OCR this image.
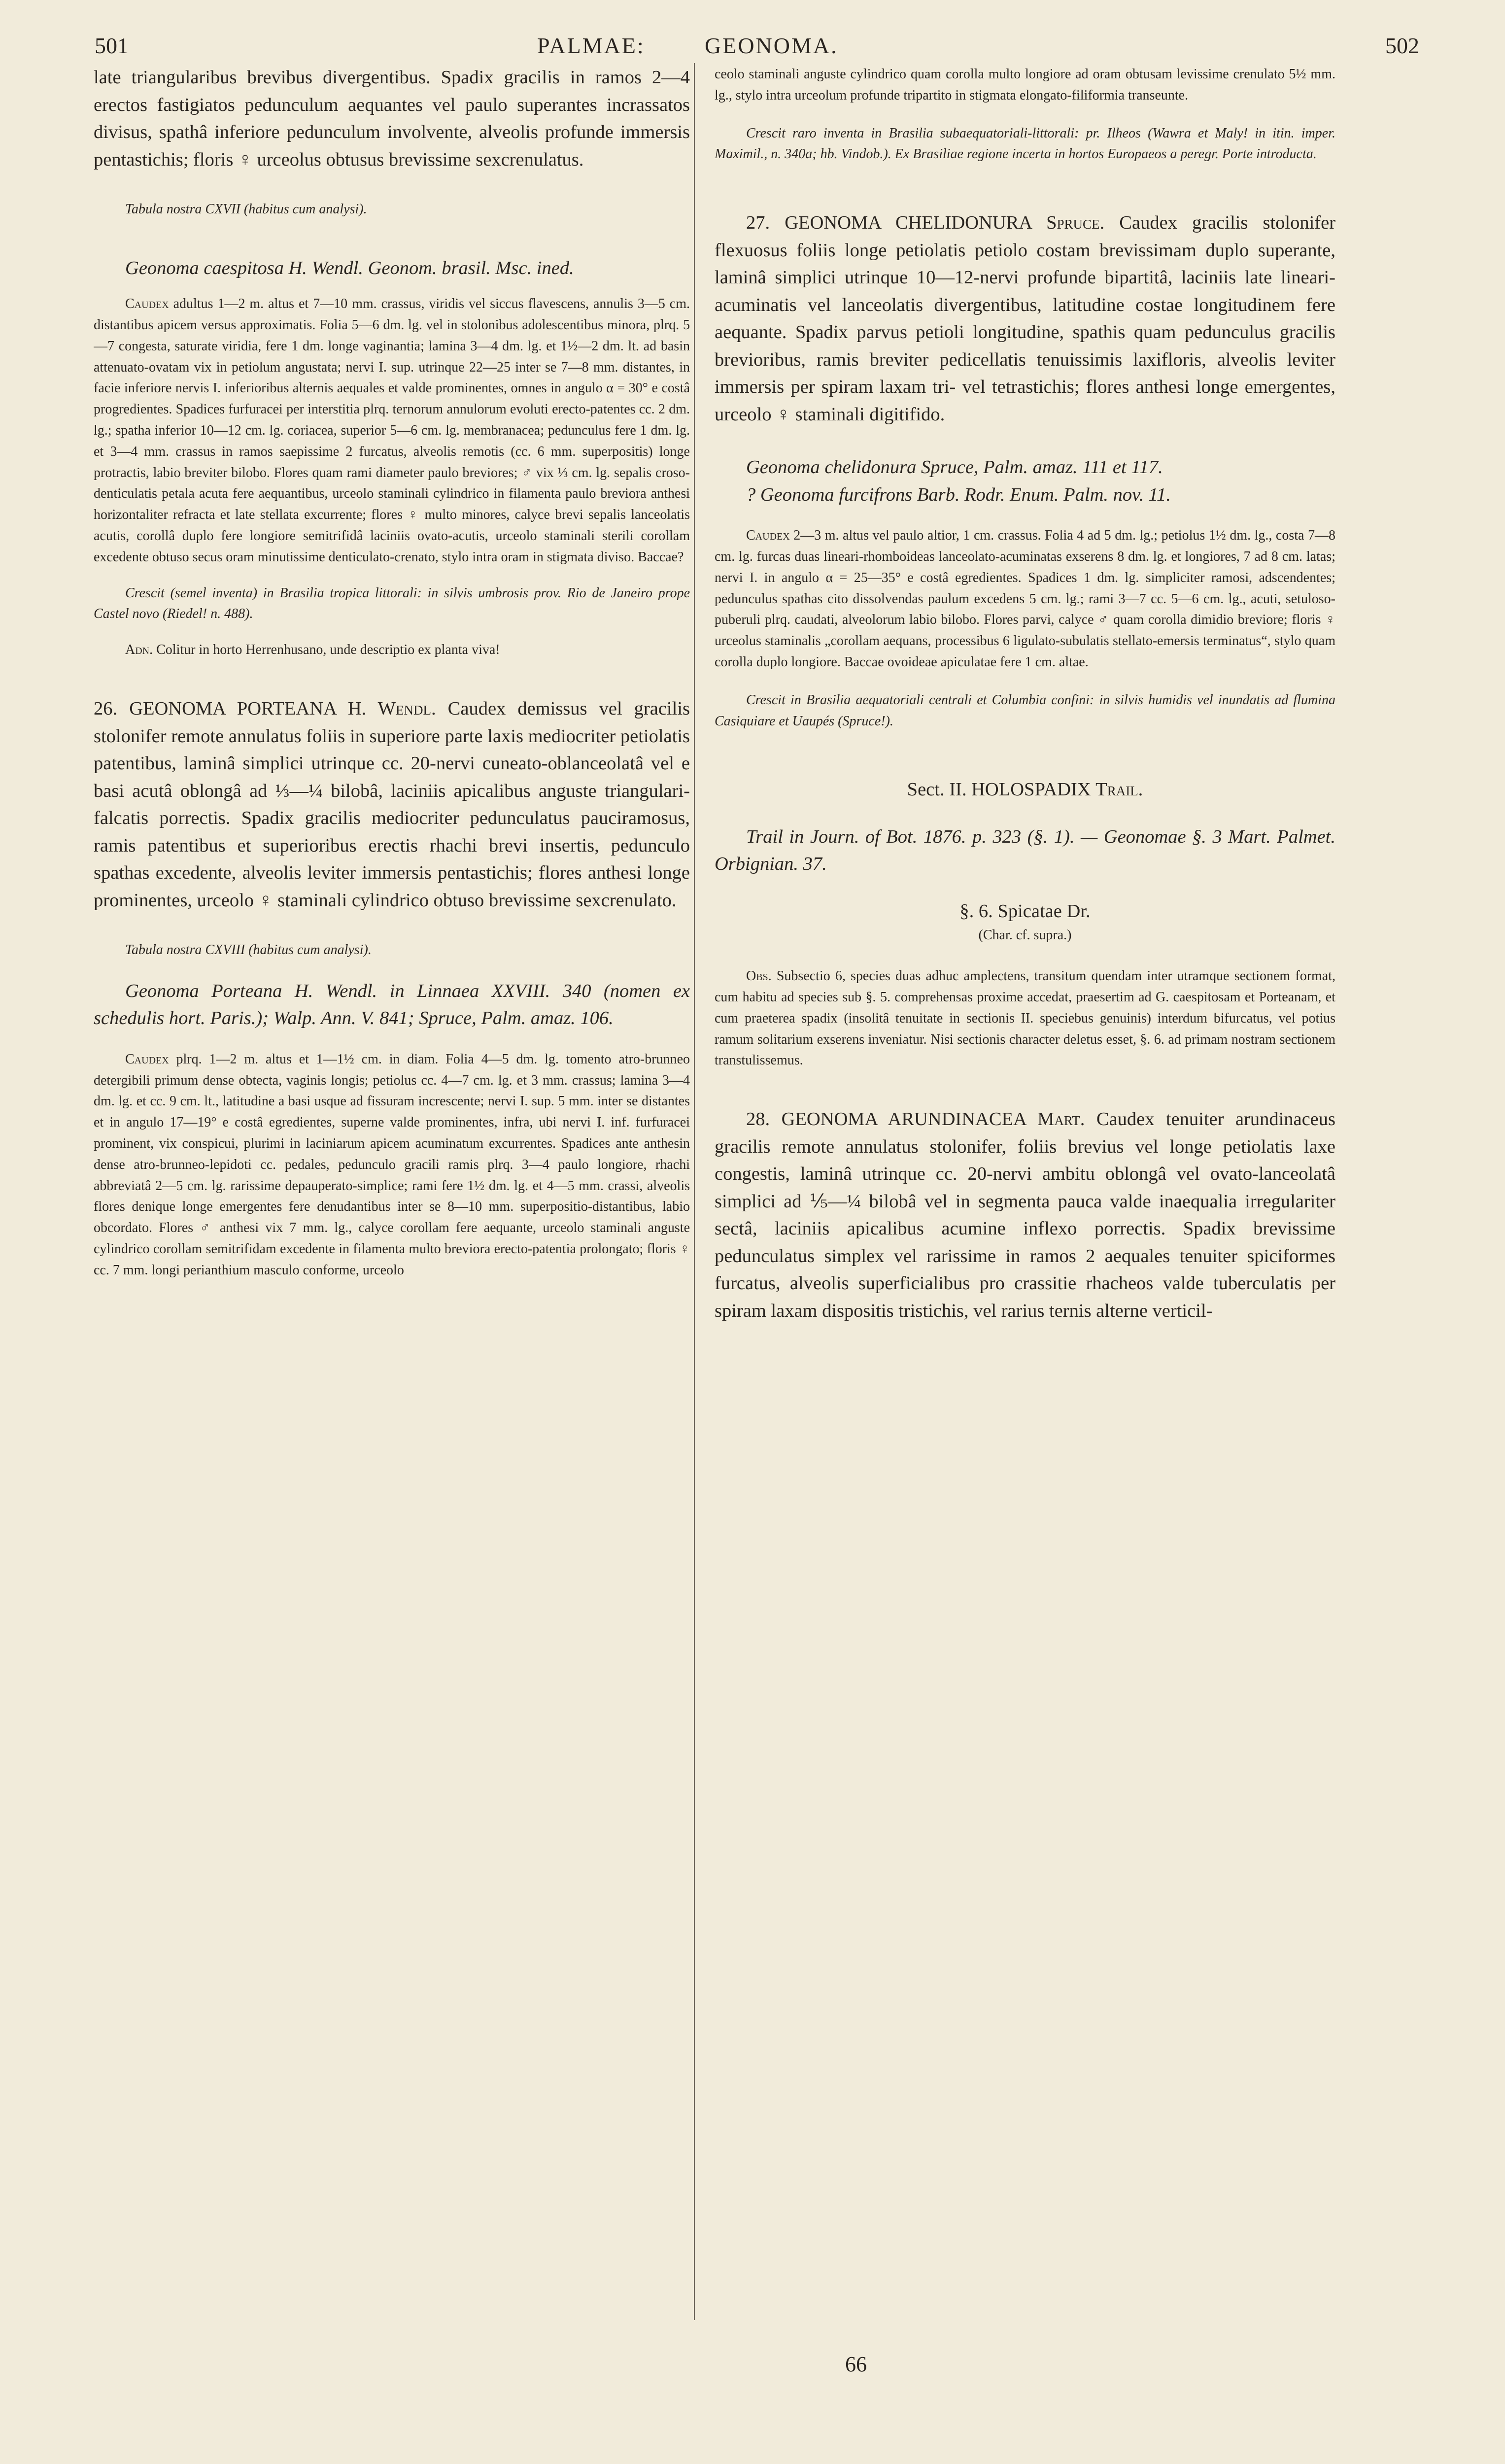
501	PALMAE:	GEONOMA.	502

late triangularibus brevibus divergentibus. Spadix gracilis in ramos 2—4 erectos fastigiatos pedunculum aequantes vel paulo superantes incrassatos divisus, spathâ inferiore pedunculum involvente, alveolis profunde immersis pentastichis; floris ♀ urceolus obtusus brevissime sexcrenulatus.

Tabula nostra CXVII (habitus cum analysi).

Geonoma caespitosa H. Wendl. Geonom. brasil. Msc. ined.

Caudex adultus 1—2 m. altus et 7—10 mm. crassus, viridis vel siccus flavescens, annulis 3—5 cm. distantibus apicem versus approximatis. Folia 5—6 dm. lg. vel in stolonibus adolescentibus minora, plrq. 5—7 congesta, saturate viridia, fere 1 dm. longe vaginantia; lamina 3—4 dm. lg. et 1½—2 dm. lt. ad basin attenuato-ovatam vix in petiolum angustata; nervi I. sup. utrinque 22—25 inter se 7—8 mm. distantes, in facie inferiore nervis I. inferioribus alternis aequales et valde prominentes, omnes in angulo α = 30° e costâ progredientes. Spadices furfuracei per interstitia plrq. ternorum annulorum evoluti erecto-patentes cc. 2 dm. lg.; spatha inferior 10—12 cm. lg. coriacea, superior 5—6 cm. lg. membranacea; pedunculus fere 1 dm. lg. et 3—4 mm. crassus in ramos saepissime 2 furcatus, alveolis remotis (cc. 6 mm. superpositis) longe protractis, labio breviter bilobo. Flores quam rami diameter paulo breviores; ♂ vix ⅓ cm. lg. sepalis croso-denticulatis petala acuta fere aequantibus, urceolo staminali cylindrico in filamenta paulo breviora anthesi horizontaliter refracta et late stellata excurrente; flores ♀ multo minores, calyce brevi sepalis lanceolatis acutis, corollâ duplo fere longiore semitrifidâ laciniis ovato-acutis, urceolo staminali sterili corollam excedente obtuso secus oram minutissime denticulato-crenato, stylo intra oram in stigmata diviso. Baccae?

Crescit (semel inventa) in Brasilia tropica littorali: in silvis umbrosis prov. Rio de Janeiro prope Castel novo (Riedel! n. 488).

Adn. Colitur in horto Herrenhusano, unde descriptio ex planta viva!

26. GEONOMA PORTEANA H. Wendl. Caudex demissus vel gracilis stolonifer remote annulatus foliis in superiore parte laxis mediocriter petiolatis patentibus, laminâ simplici utrinque cc. 20-nervi cuneato-oblanceolatâ vel e basi acutâ oblongâ ad ⅓—¼ bilobâ, laciniis apicalibus anguste triangulari-falcatis porrectis. Spadix gracilis mediocriter pedunculatus pauciramosus, ramis patentibus et superioribus erectis rhachi brevi insertis, pedunculo spathas excedente, alveolis leviter immersis pentastichis; flores anthesi longe prominentes, urceolo ♀ staminali cylindrico obtuso brevissime sexcrenulato.

Tabula nostra CXVIII (habitus cum analysi).

Geonoma Porteana H. Wendl. in Linnaea XXVIII. 340 (nomen ex schedulis hort. Paris.); Walp. Ann. V. 841; Spruce, Palm. amaz. 106.

Caudex plrq. 1—2 m. altus et 1—1½ cm. in diam. Folia 4—5 dm. lg. tomento atro-brunneo detergibili primum dense obtecta, vaginis longis; petiolus cc. 4—7 cm. lg. et 3 mm. crassus; lamina 3—4 dm. lg. et cc. 9 cm. lt., latitudine a basi usque ad fissuram increscente; nervi I. sup. 5 mm. inter se distantes et in angulo 17—19° e costâ egredientes, superne valde prominentes, infra, ubi nervi I. inf. furfuracei prominent, vix conspicui, plurimi in laciniarum apicem acuminatum excurrentes. Spadices ante anthesin dense atro-brunneo-lepidoti cc. pedales, pedunculo gracili ramis plrq. 3—4 paulo longiore, rhachi abbreviatâ 2—5 cm. lg. rarissime depauperato-simplice; rami fere 1½ dm. lg. et 4—5 mm. crassi, alveolis flores denique longe emergentes fere denudantibus inter se 8—10 mm. superpositio-distantibus, labio obcordato. Flores ♂ anthesi vix 7 mm. lg., calyce corollam fere aequante, urceolo staminali anguste cylindrico corollam semitrifidam excedente in filamenta multo breviora erecto-patentia prolongato; floris ♀ cc. 7 mm. longi perianthium masculo conforme, urceolo

ceolo staminali anguste cylindrico quam corolla multo longiore ad oram obtusam levissime crenulato 5½ mm. lg., stylo intra urceolum profunde tripartito in stigmata elongato-filiformia transeunte.

Crescit raro inventa in Brasilia subaequatoriali-littorali: pr. Ilheos (Wawra et Maly! in itin. imper. Maximil., n. 340a; hb. Vindob.). Ex Brasiliae regione incerta in hortos Europaeos a peregr. Porte introducta.

27. GEONOMA CHELIDONURA Spruce. Caudex gracilis stolonifer flexuosus foliis longe petiolatis petiolo costam brevissimam duplo superante, laminâ simplici utrinque 10—12-nervi profunde bipartitâ, laciniis late lineari-acuminatis vel lanceolatis divergentibus, latitudine costae longitudinem fere aequante. Spadix parvus petioli longitudine, spathis quam pedunculus gracilis brevioribus, ramis breviter pedicellatis tenuissimis laxifloris, alveolis leviter immersis per spiram laxam tri- vel tetrastichis; flores anthesi longe emergentes, urceolo ♀ staminali digitifido.

Geonoma chelidonura Spruce, Palm. amaz. 111 et 117.

? Geonoma furcifrons Barb. Rodr. Enum. Palm. nov. 11.

Caudex 2—3 m. altus vel paulo altior, 1 cm. crassus. Folia 4 ad 5 dm. lg.; petiolus 1½ dm. lg., costa 7—8 cm. lg. furcas duas lineari-rhomboideas lanceolato-acuminatas exserens 8 dm. lg. et longiores, 7 ad 8 cm. latas; nervi I. in angulo α = 25—35° e costâ egredientes. Spadices 1 dm. lg. simpliciter ramosi, adscendentes; pedunculus spathas cito dissolvendas paulum excedens 5 cm. lg.; rami 3—7 cc. 5—6 cm. lg., acuti, setuloso-puberuli plrq. caudati, alveolorum labio bilobo. Flores parvi, calyce ♂ quam corolla dimidio breviore; floris ♀ urceolus staminalis „corollam aequans, processibus 6 ligulato-subulatis stellato-emersis terminatus“, stylo quam corolla duplo longiore. Baccae ovoideae apiculatae fere 1 cm. altae.

Crescit in Brasilia aequatoriali centrali et Columbia confini: in silvis humidis vel inundatis ad flumina Casiquiare et Uaupés (Spruce!).

Sect. II. HOLOSPADIX Trail.

Trail in Journ. of Bot. 1876. p. 323 (§. 1). — Geonomae §. 3 Mart. Palmet. Orbignian. 37.

§. 6. Spicatae Dr.

(Char. cf. supra.)

Obs. Subsectio 6, species duas adhuc amplectens, transitum quendam inter utramque sectionem format, cum habitu ad species sub §. 5. comprehensas proxime accedat, praesertim ad G. caespitosam et Porteanam, et cum praeterea spadix (insolitâ tenuitate in sectionis II. speciebus genuinis) interdum bifurcatus, vel potius ramum solitarium exserens inveniatur. Nisi sectionis character deletus esset, §. 6. ad primam nostram sectionem transtulissemus.

28. GEONOMA ARUNDINACEA Mart. Caudex tenuiter arundinaceus gracilis remote annulatus stolonifer, foliis brevius vel longe petiolatis laxe congestis, laminâ utrinque cc. 20-nervi ambitu oblongâ vel ovato-lanceolatâ simplici ad ⅕—¼ bilobâ vel in segmenta pauca valde inaequalia irregulariter sectâ, laciniis apicalibus acumine inflexo porrectis. Spadix brevissime pedunculatus simplex vel rarissime in ramos 2 aequales tenuiter spiciformes furcatus, alveolis superficialibus pro crassitie rhacheos valde tuberculatis per spiram laxam dispositis tristichis, vel rarius ternis alterne verticil-

66
